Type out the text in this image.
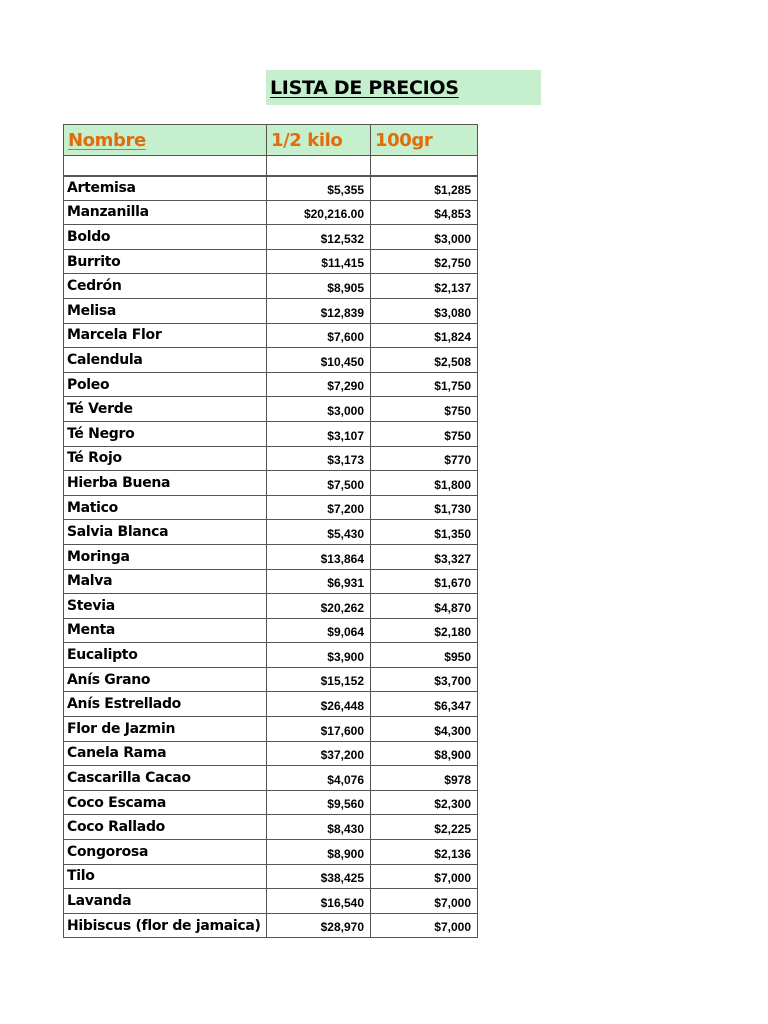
LISTA DE PRECIOS
Nombre	1/2 kilo	100gr

Artemisa	$5,355	$1,285
Manzanilla	$20,216.00	$4,853
Boldo	$12,532	$3,000
Burrito	$11,415	$2,750
Cedrón	$8,905	$2,137
Melisa	$12,839	$3,080
Marcela Flor	$7,600	$1,824
Calendula	$10,450	$2,508
Poleo	$7,290	$1,750
Té Verde	$3,000	$750
Té Negro	$3,107	$750
Té Rojo	$3,173	$770
Hierba Buena	$7,500	$1,800
Matico	$7,200	$1,730
Salvia Blanca	$5,430	$1,350
Moringa	$13,864	$3,327
Malva	$6,931	$1,670
Stevia	$20,262	$4,870
Menta	$9,064	$2,180
Eucalipto	$3,900	$950
Anís Grano	$15,152	$3,700
Anís Estrellado	$26,448	$6,347
Flor de Jazmin	$17,600	$4,300
Canela Rama	$37,200	$8,900
Cascarilla Cacao	$4,076	$978
Coco Escama	$9,560	$2,300
Coco Rallado	$8,430	$2,225
Congorosa	$8,900	$2,136
Tilo	$38,425	$7,000
Lavanda	$16,540	$7,000
Hibiscus (flor de jamaica)	$28,970	$7,000
